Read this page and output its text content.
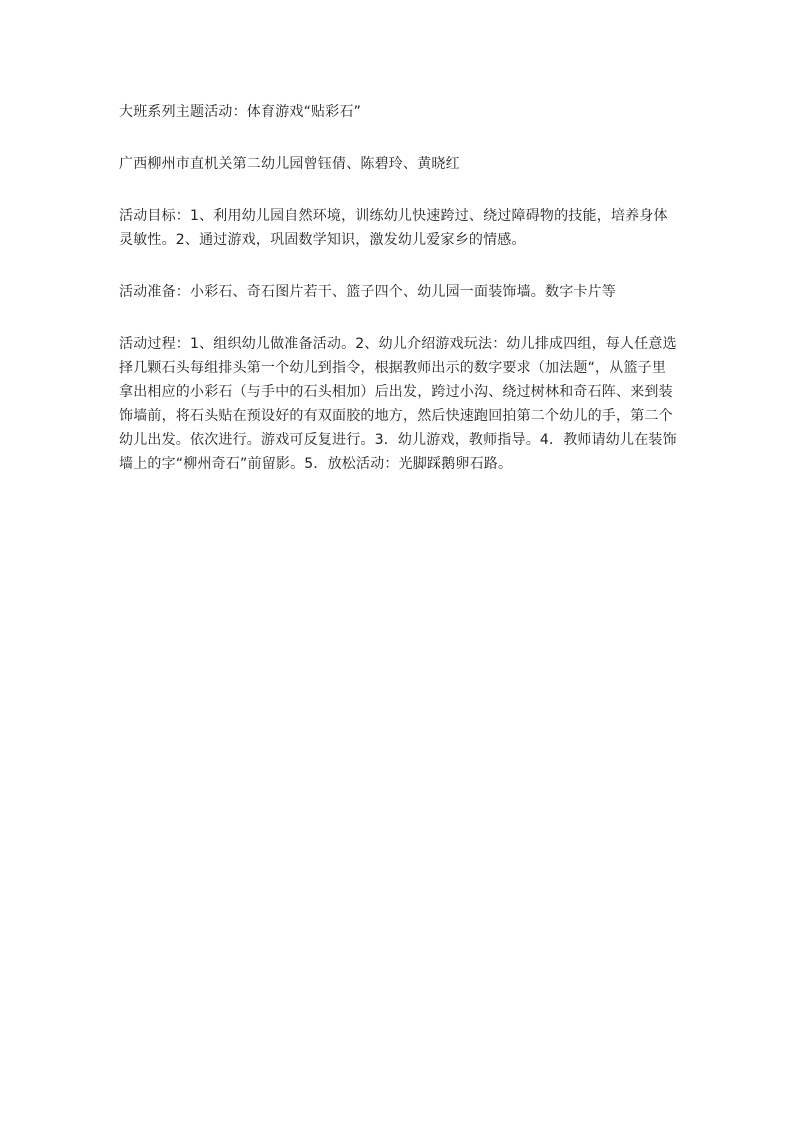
大班系列主题活动：体育游戏“贴彩石”

广西柳州市直机关第二幼儿园曾钰倩、陈碧玲、黄晓红

活动目标：1、利用幼儿园自然环境，训练幼儿快速跨过、绕过障碍物的技能，培养身体灵敏性。2、通过游戏，巩固数学知识，激发幼儿爱家乡的情感。

活动准备：小彩石、奇石图片若干、篮子四个、幼儿园一面装饰墙。数字卡片等

活动过程：1、组织幼儿做准备活动。2、幼儿介绍游戏玩法：幼儿排成四组，每人任意选择几颗石头每组排头第一个幼儿到指令，根据教师出示的数字要求（加法题“，从篮子里拿出相应的小彩石（与手中的石头相加）后出发，跨过小沟、绕过树林和奇石阵、来到装饰墙前，将石头贴在预设好的有双面胶的地方，然后快速跑回拍第二个幼儿的手，第二个幼儿出发。依次进行。游戏可反复进行。3．幼儿游戏，教师指导。4．教师请幼儿在装饰墙上的字“柳州奇石”前留影。5．放松活动：光脚踩鹅卵石路。
